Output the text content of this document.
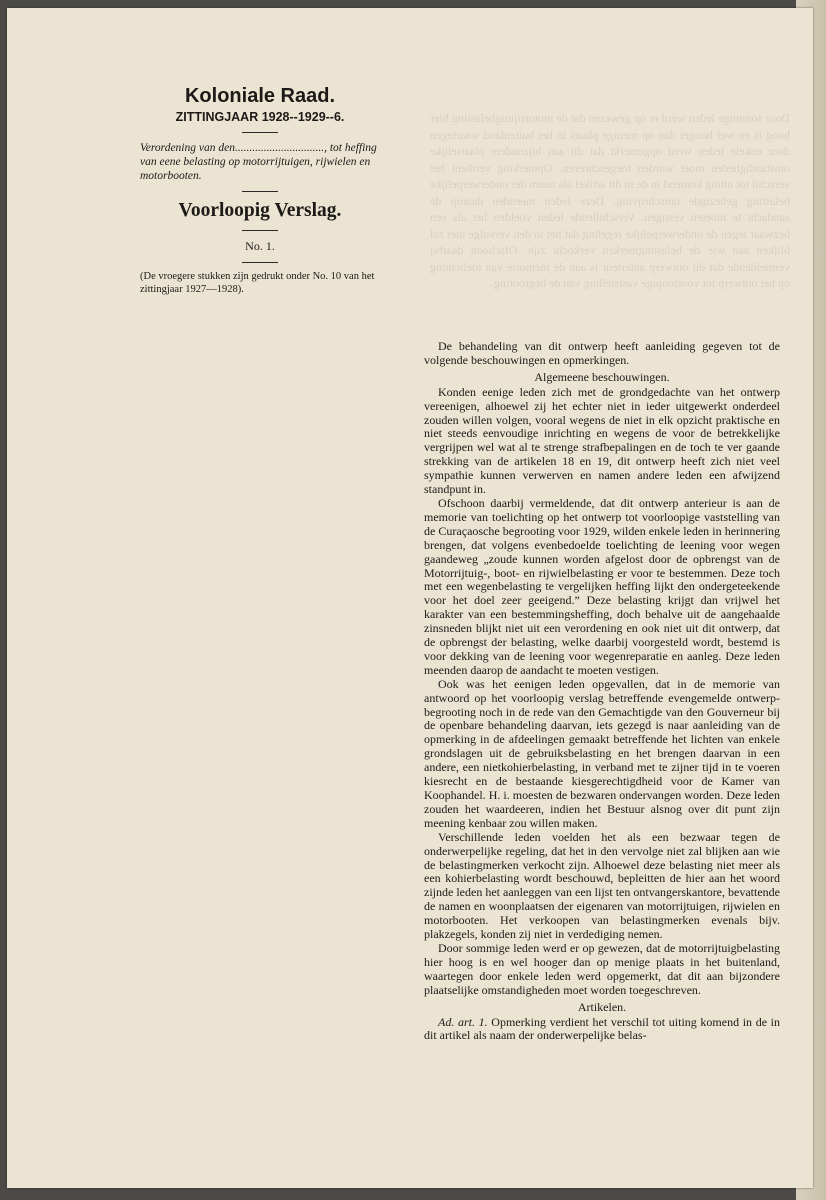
Door sommige leden werd er op gewezen dat de motorrijtuigbelasting hier hoog is en wel hooger dan op menige plaats in het buitenland waartegen door enkele leden werd opgemerkt dat dit aan bijzondere plaatselijke omstandigheden moet worden toegeschreven. Opmerking verdient het verschil tot uiting komend in de in dit artikel als naam der onderwerpelijke belasting gebezigde omschrijving. Deze leden meenden daarop de aandacht te moeten vestigen. Verschillende leden voelden het als een bezwaar tegen de onderwerpelijke regeling dat het in den vervolge niet zal blijken aan wie de belastingmerken verkocht zijn. Ofschoon daarbij vermeldende dat dit ontwerp anterieur is aan de memorie van toelichting op het ontwerp tot voorloopige vaststelling van de begrooting.
Koloniale Raad.

ZITTINGJAAR 1928--1929--6.

Verordening van den..............................., tot heffing van eene belasting op motorrijtuigen, rijwielen en motorbooten.

Voorloopig Verslag.

No. 1.

(De vroegere stukken zijn gedrukt onder No. 10 van het zittingjaar 1927—1928).

De behandeling van dit ontwerp heeft aanleiding gegeven tot de volgende beschouwingen en opmerkingen.

Algemeene beschouwingen.

Konden eenige leden zich met de grondgedachte van het ontwerp vereenigen, alhoewel zij het echter niet in ieder uitgewerkt onderdeel zouden willen volgen, vooral wegens de niet in elk opzicht praktische en niet steeds eenvoudige inrichting en wegens de voor de betrekkelijke vergrijpen wel wat al te strenge strafbepalingen en de toch te ver gaande strekking van de artikelen 18 en 19, dit ontwerp heeft zich niet veel sympathie kunnen verwerven en namen andere leden een afwijzend standpunt in.

Ofschoon daarbij vermeldende, dat dit ontwerp anterieur is aan de memorie van toelichting op het ontwerp tot voorloopige vaststelling van de Curaçaosche begrooting voor 1929, wilden enkele leden in herinnering brengen, dat volgens evenbedoelde toelichting de leening voor wegen gaandeweg „zoude kunnen worden afgelost door de opbrengst van de Motorrijtuig-, boot- en rijwielbelasting er voor te bestemmen. Deze toch met een wegenbelasting te vergelijken heffing lijkt den ondergeteekende voor het doel zeer geeigend.” Deze belasting krijgt dan vrijwel het karakter van een bestemmingsheffing, doch behalve uit de aangehaalde zinsneden blijkt niet uit een verordening en ook niet uit dit ontwerp, dat de opbrengst der belasting, welke daarbij voorgesteld wordt, bestemd is voor dekking van de leening voor wegenreparatie en aanleg. Deze leden meenden daarop de aandacht te moeten vestigen.

Ook was het eenigen leden opgevallen, dat in de memorie van antwoord op het voorloopig verslag betreffende evengemelde ontwerp-begrooting noch in de rede van den Gemachtigde van den Gouverneur bij de openbare behandeling daarvan, iets gezegd is naar aanleiding van de opmerking in de afdeelingen gemaakt betreffende het lichten van enkele grondslagen uit de gebruiksbelasting en het brengen daarvan in een andere, een nietkohierbelasting, in verband met te zijner tijd in te voeren kiesrecht en de bestaande kiesgerechtigdheid voor de Kamer van Koophandel. H. i. moesten de bezwaren ondervangen worden. Deze leden zouden het waardeeren, indien het Bestuur alsnog over dit punt zijn meening kenbaar zou willen maken.

Verschillende leden voelden het als een bezwaar tegen de onderwerpelijke regeling, dat het in den vervolge niet zal blijken aan wie de belastingmerken verkocht zijn. Alhoewel deze belasting niet meer als een kohierbelasting wordt beschouwd, bepleitten de hier aan het woord zijnde leden het aanleggen van een lijst ten ontvangerskantore, bevattende de namen en woonplaatsen der eigenaren van motorrijtuigen, rijwielen en motorbooten. Het verkoopen van belastingmerken evenals bijv. plakzegels, konden zij niet in verdediging nemen.

Door sommige leden werd er op gewezen, dat de motorrijtuigbelasting hier hoog is en wel hooger dan op menige plaats in het buitenland, waartegen door enkele leden werd opgemerkt, dat dit aan bijzondere plaatselijke omstandigheden moet worden toegeschreven.

Artikelen.

Ad. art. 1. Opmerking verdient het verschil tot uiting komend in de in dit artikel als naam der onderwerpelijke belas-
